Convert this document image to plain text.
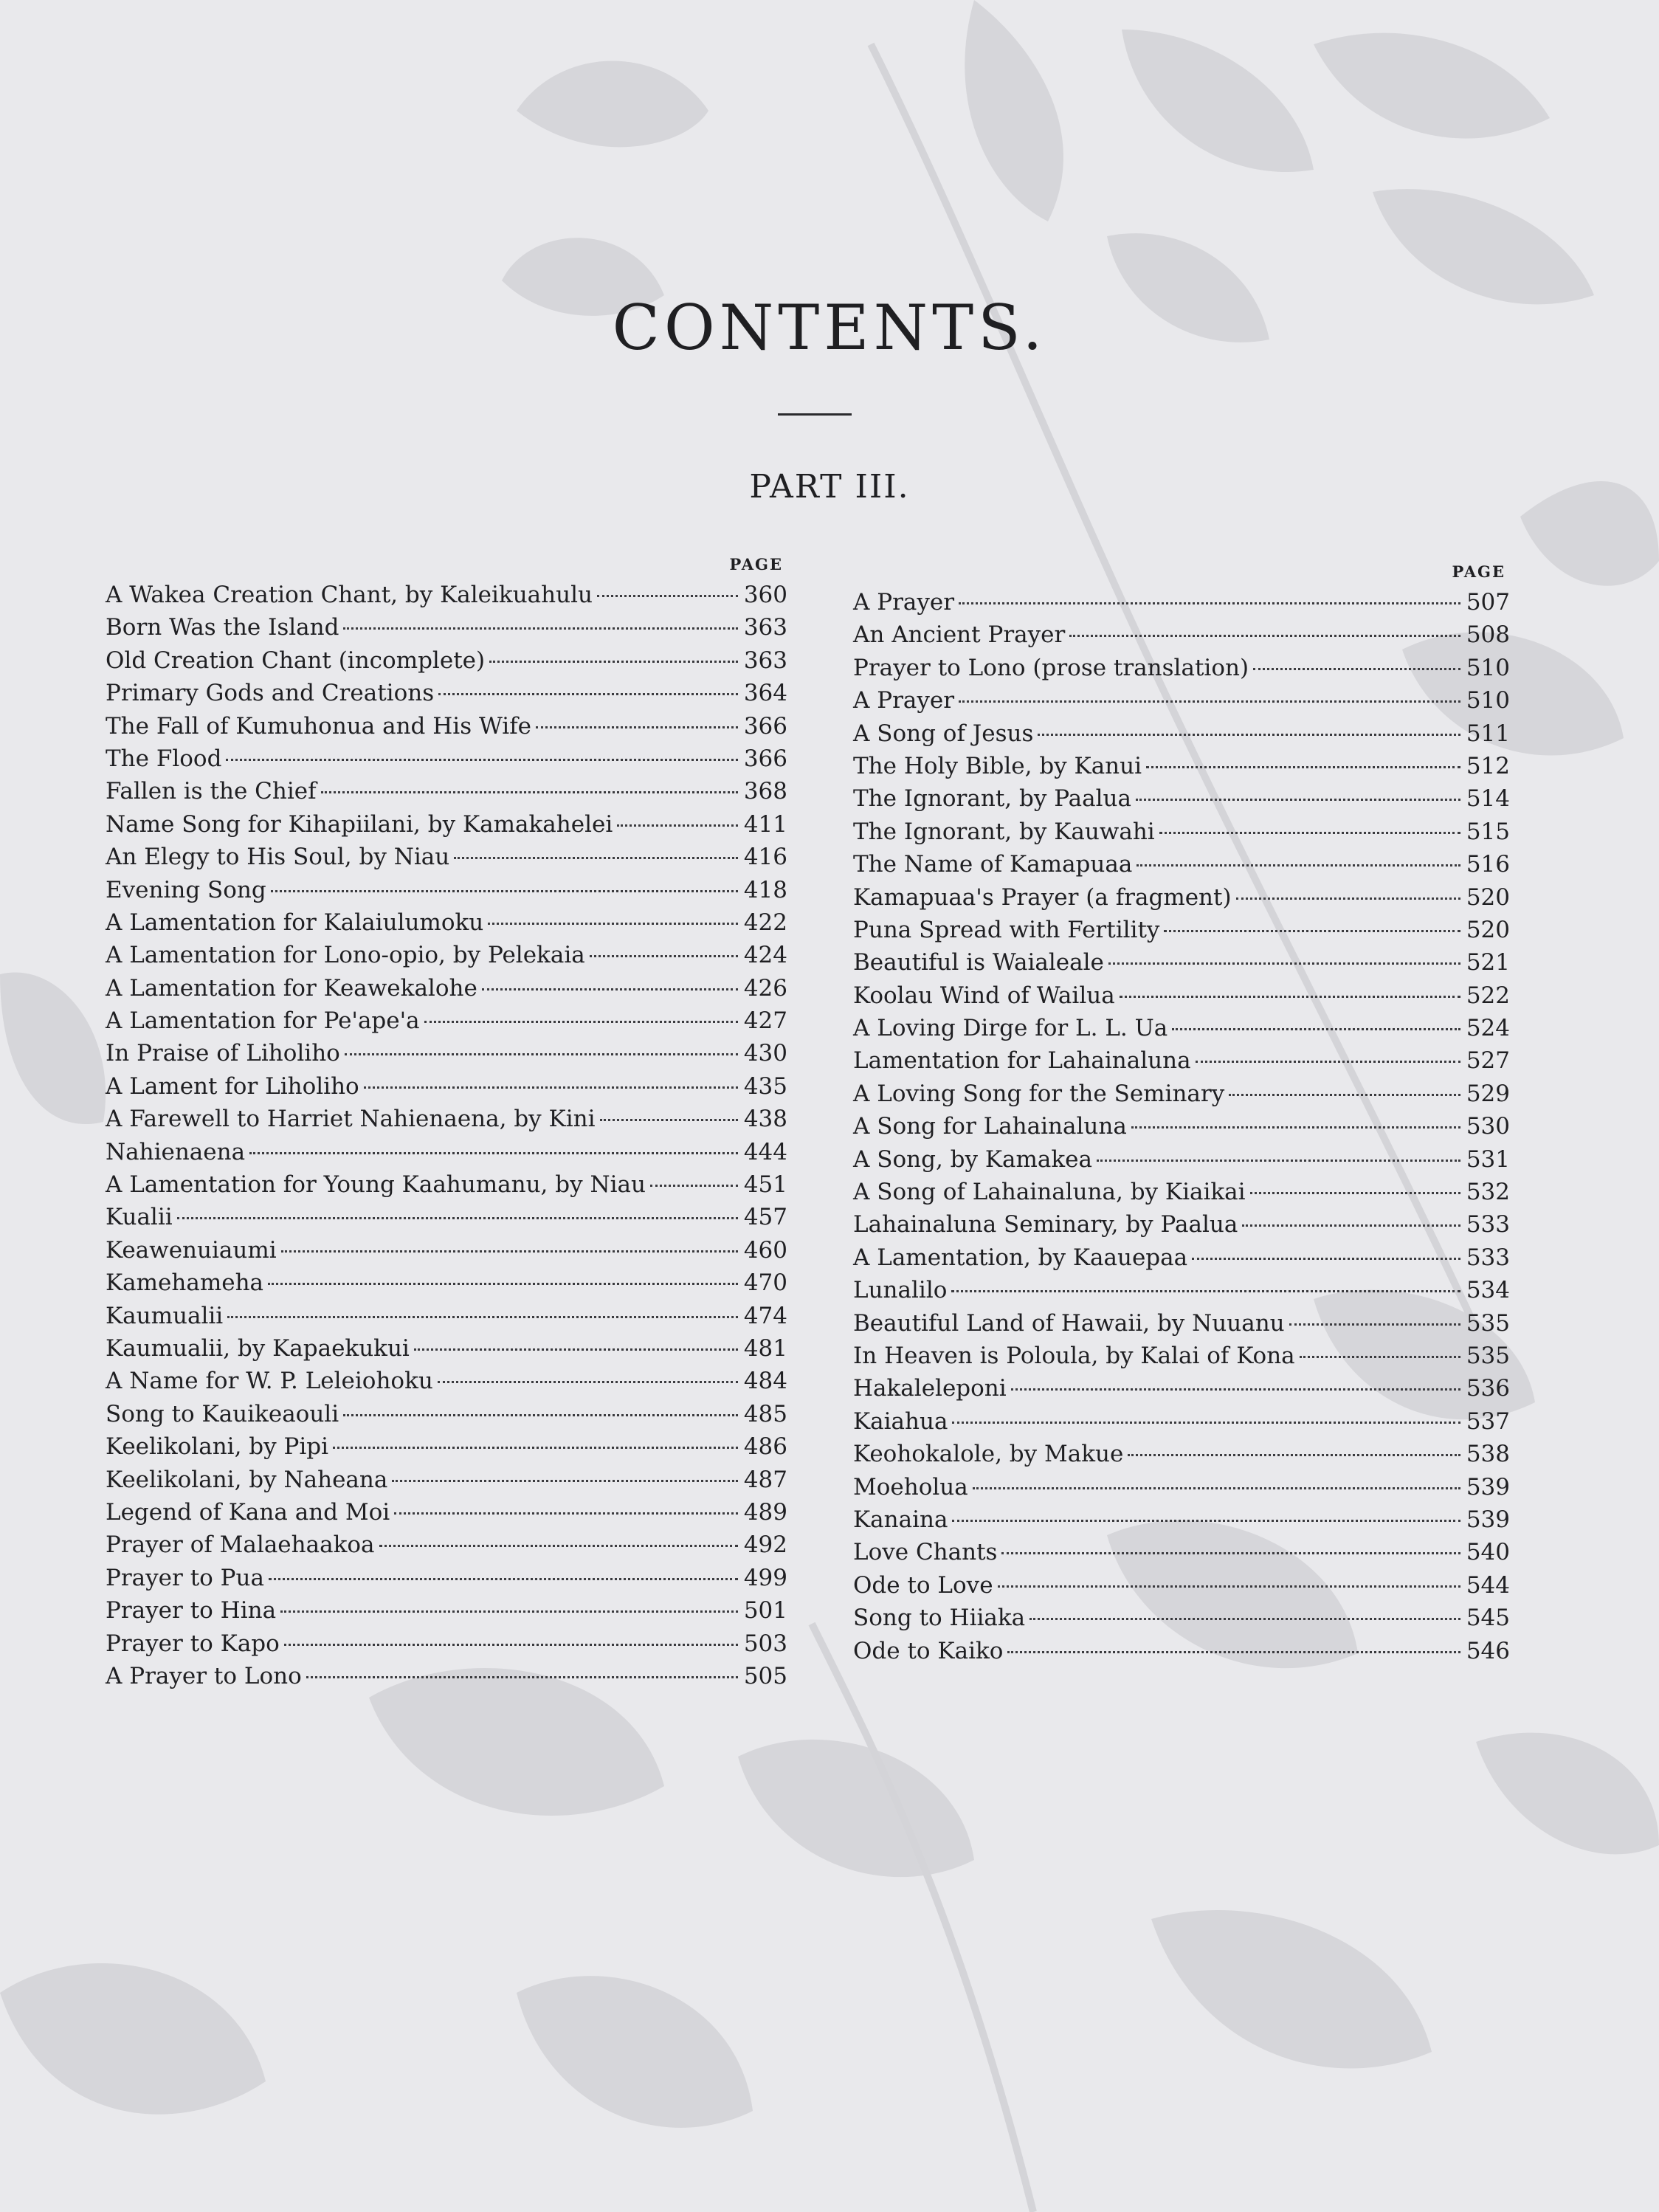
CONTENTS.
PART III.
PAGE
A Wakea Creation Chant, by Kaleikuahulu	360
Born Was the Island	363
Old Creation Chant (incomplete)	363
Primary Gods and Creations	364
The Fall of Kumuhonua and His Wife	366
The Flood	366
Fallen is the Chief	368
Name Song for Kihapiilani, by Kamakahelei	411
An Elegy to His Soul, by Niau	416
Evening Song	418
A Lamentation for Kalaiulumoku	422
A Lamentation for Lono-opio, by Pelekaia	424
A Lamentation for Keawekalohe	426
A Lamentation for Pe'ape'a	427
In Praise of Liholiho	430
A Lament for Liholiho	435
A Farewell to Harriet Nahienaena, by Kini	438
Nahienaena	444
A Lamentation for Young Kaahumanu, by Niau	451
Kualii	457
Keawenuiaumi	460
Kamehameha	470
Kaumualii	474
Kaumualii, by Kapaekukui	481
A Name for W. P. Leleiohoku	484
Song to Kauikeaouli	485
Keelikolani, by Pipi	486
Keelikolani, by Naheana	487
Legend of Kana and Moi	489
Prayer of Malaehaakoa	492
Prayer to Pua	499
Prayer to Hina	501
Prayer to Kapo	503
A Prayer to Lono	505
PAGE
A Prayer	507
An Ancient Prayer	508
Prayer to Lono (prose translation)	510
A Prayer	510
A Song of Jesus	511
The Holy Bible, by Kanui	512
The Ignorant, by Paalua	514
The Ignorant, by Kauwahi	515
The Name of Kamapuaa	516
Kamapuaa's Prayer (a fragment)	520
Puna Spread with Fertility	520
Beautiful is Waialeale	521
Koolau Wind of Wailua	522
A Loving Dirge for L. L. Ua	524
Lamentation for Lahainaluna	527
A Loving Song for the Seminary	529
A Song for Lahainaluna	530
A Song, by Kamakea	531
A Song of Lahainaluna, by Kiaikai	532
Lahainaluna Seminary, by Paalua	533
A Lamentation, by Kaauepaa	533
Lunalilo	534
Beautiful Land of Hawaii, by Nuuanu	535
In Heaven is Poloula, by Kalai of Kona	535
Hakaleleponi	536
Kaiahua	537
Keohokalole, by Makue	538
Moeholua	539
Kanaina	539
Love Chants	540
Ode to Love	544
Song to Hiiaka	545
Ode to Kaiko	546
